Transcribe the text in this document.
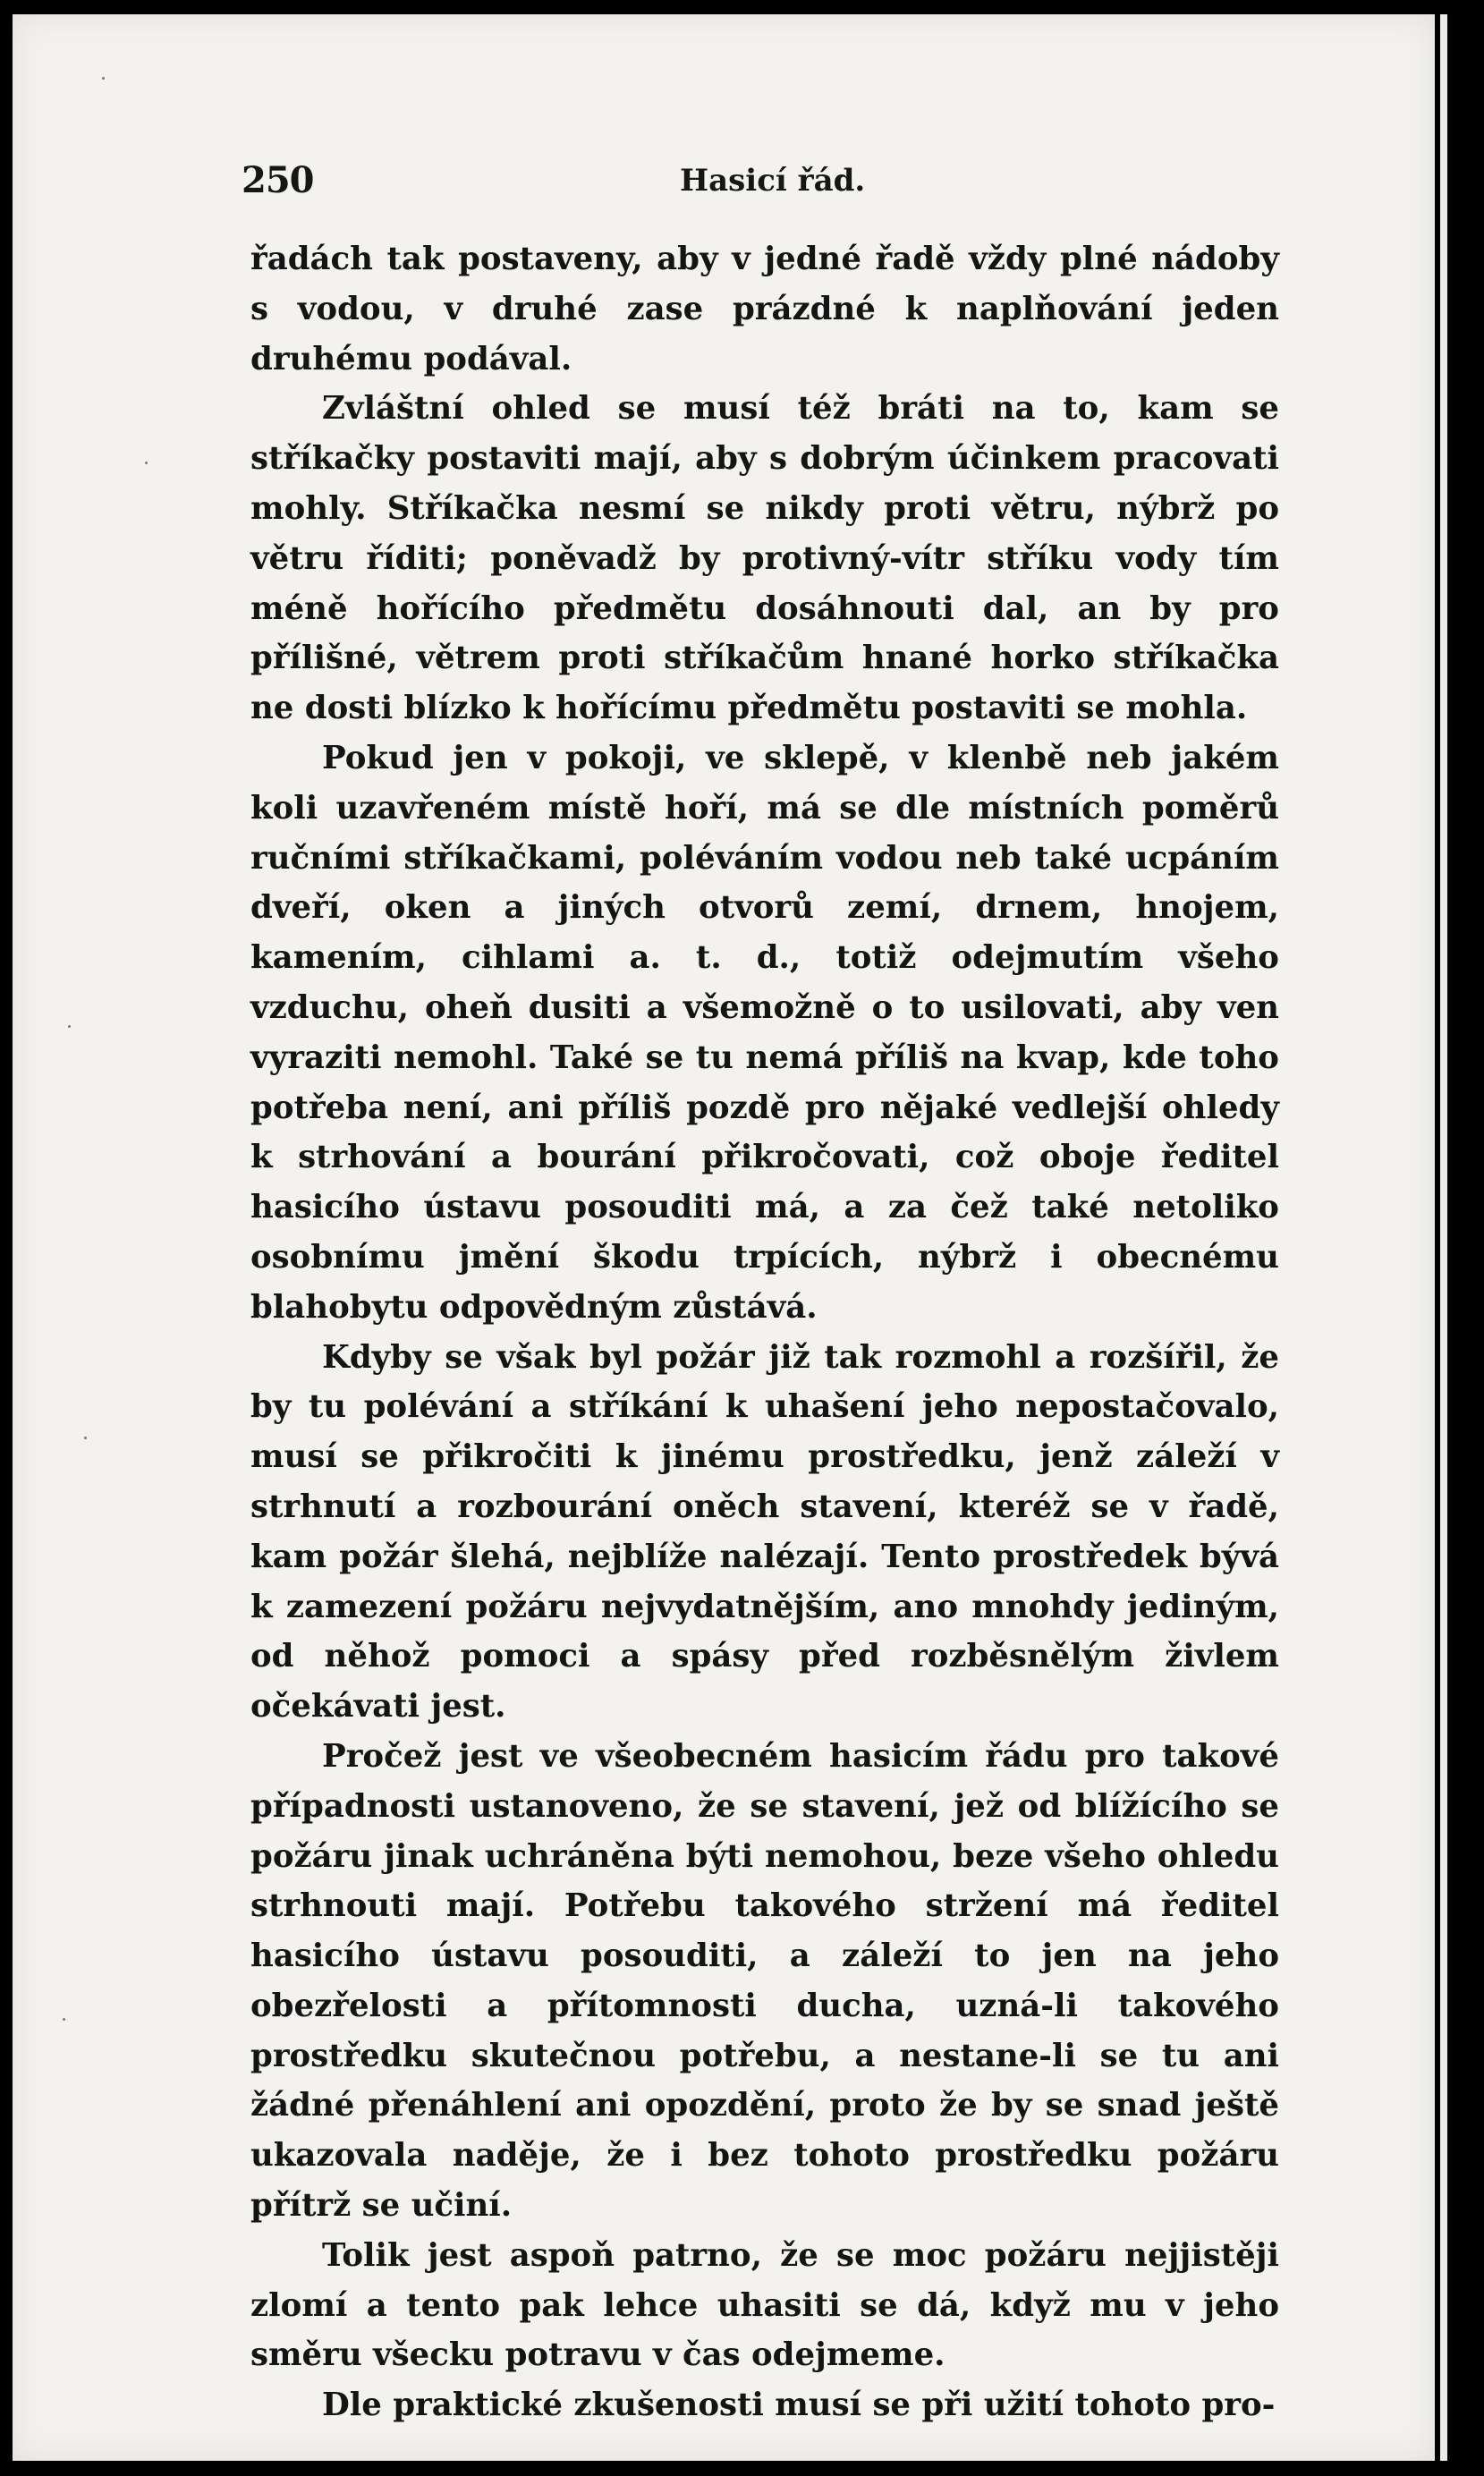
250	Hasicí řád.

řadách tak postaveny, aby v jedné řadě vždy plné nádoby s vodou, v druhé zase prázdné k naplňování jeden druhému podával.

Zvláštní ohled se musí též bráti na to, kam se stříkačky postaviti mají, aby s dobrým účinkem pracovati mohly. Stříkačka nesmí se nikdy proti větru, nýbrž po větru říditi; poněvadž by protivný-vítr stříku vody tím méně hořícího předmětu dosáhnouti dal, an by pro přílišné, větrem proti stříkačům hnané horko stříkačka ne dosti blízko k hořícímu předmětu postaviti se mohla.

Pokud jen v pokoji, ve sklepě, v klenbě neb jakém koli uzavřeném místě hoří, má se dle místních poměrů ručními stříkačkami, poléváním vodou neb také ucpáním dveří, oken a jiných otvorů zemí, drnem, hnojem, kamením, cihlami a. t. d., totiž odejmutím všeho vzduchu, oheň dusiti a všemožně o to usilovati, aby ven vyraziti nemohl. Také se tu nemá příliš na kvap, kde toho potřeba není, ani příliš pozdě pro nějaké vedlejší ohledy k strhování a bourání přikročovati, což oboje ředitel hasicího ústavu posouditi má, a za čež také netoliko osobnímu jmění škodu trpících, nýbrž i obecnému blahobytu odpovědným zůstává.

Kdyby se však byl požár již tak rozmohl a rozšířil, že by tu polévání a stříkání k uhašení jeho nepostačovalo, musí se přikročiti k jinému prostředku, jenž záleží v strhnutí a rozbourání oněch stavení, kteréž se v řadě, kam požár šlehá, nejblíže nalézají. Tento prostředek bývá k zamezení požáru nejvydatnějším, ano mnohdy jediným, od něhož pomoci a spásy před rozběsnělým živlem očekávati jest.

Pročež jest ve všeobecném hasicím řádu pro takové případnosti ustanoveno, že se stavení, jež od blížícího se požáru jinak uchráněna býti nemohou, beze všeho ohledu strhnouti mají. Potřebu takového stržení má ředitel hasicího ústavu posouditi, a záleží to jen na jeho obezřelosti a přítomnosti ducha, uzná-li takového prostředku skutečnou potřebu, a nestane-li se tu ani žádné přenáhlení ani opozdění, proto že by se snad ještě ukazovala naděje, že i bez tohoto prostředku požáru přítrž se učiní.

Tolik jest aspoň patrno, že se moc požáru nejjistěji zlomí a tento pak lehce uhasiti se dá, když mu v jeho směru všecku potravu v čas odejmeme.

Dle praktické zkušenosti musí se při užití tohoto pro-
